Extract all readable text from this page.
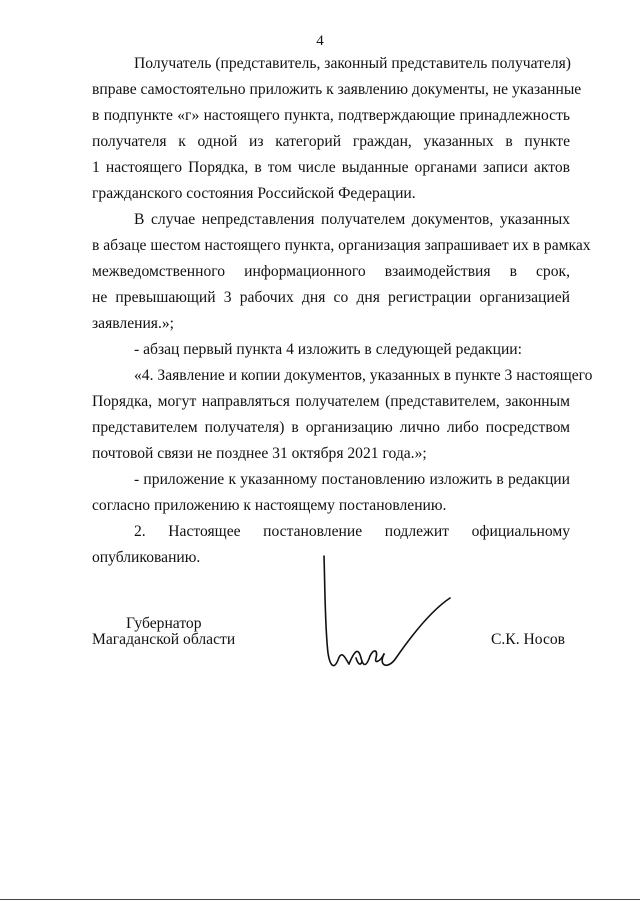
4
Получатель (представитель, законный представитель получателя)
вправе самостоятельно приложить к заявлению документы, не указанные
в подпункте «г» настоящего пункта, подтверждающие принадлежность
получателя к одной из категорий граждан, указанных в пункте
1 настоящего Порядка, в том числе выданные органами записи актов
гражданского состояния Российской Федерации.
В случае непредставления получателем документов, указанных
в абзаце шестом настоящего пункта, организация запрашивает их в рамках
межведомственного информационного взаимодействия в срок,
не превышающий 3 рабочих дня со дня регистрации организацией
заявления.»;
- абзац первый пункта 4 изложить в следующей редакции:
«4. Заявление и копии документов, указанных в пункте 3 настоящего
Порядка, могут направляться получателем (представителем, законным
представителем получателя) в организацию лично либо посредством
почтовой связи не позднее 31 октября 2021 года.»;
- приложение к указанному постановлению изложить в редакции
согласно приложению к настоящему постановлению.
2. Настоящее постановление подлежит официальному
опубликованию.
Губернатор
Магаданской области	С.К. Носов
